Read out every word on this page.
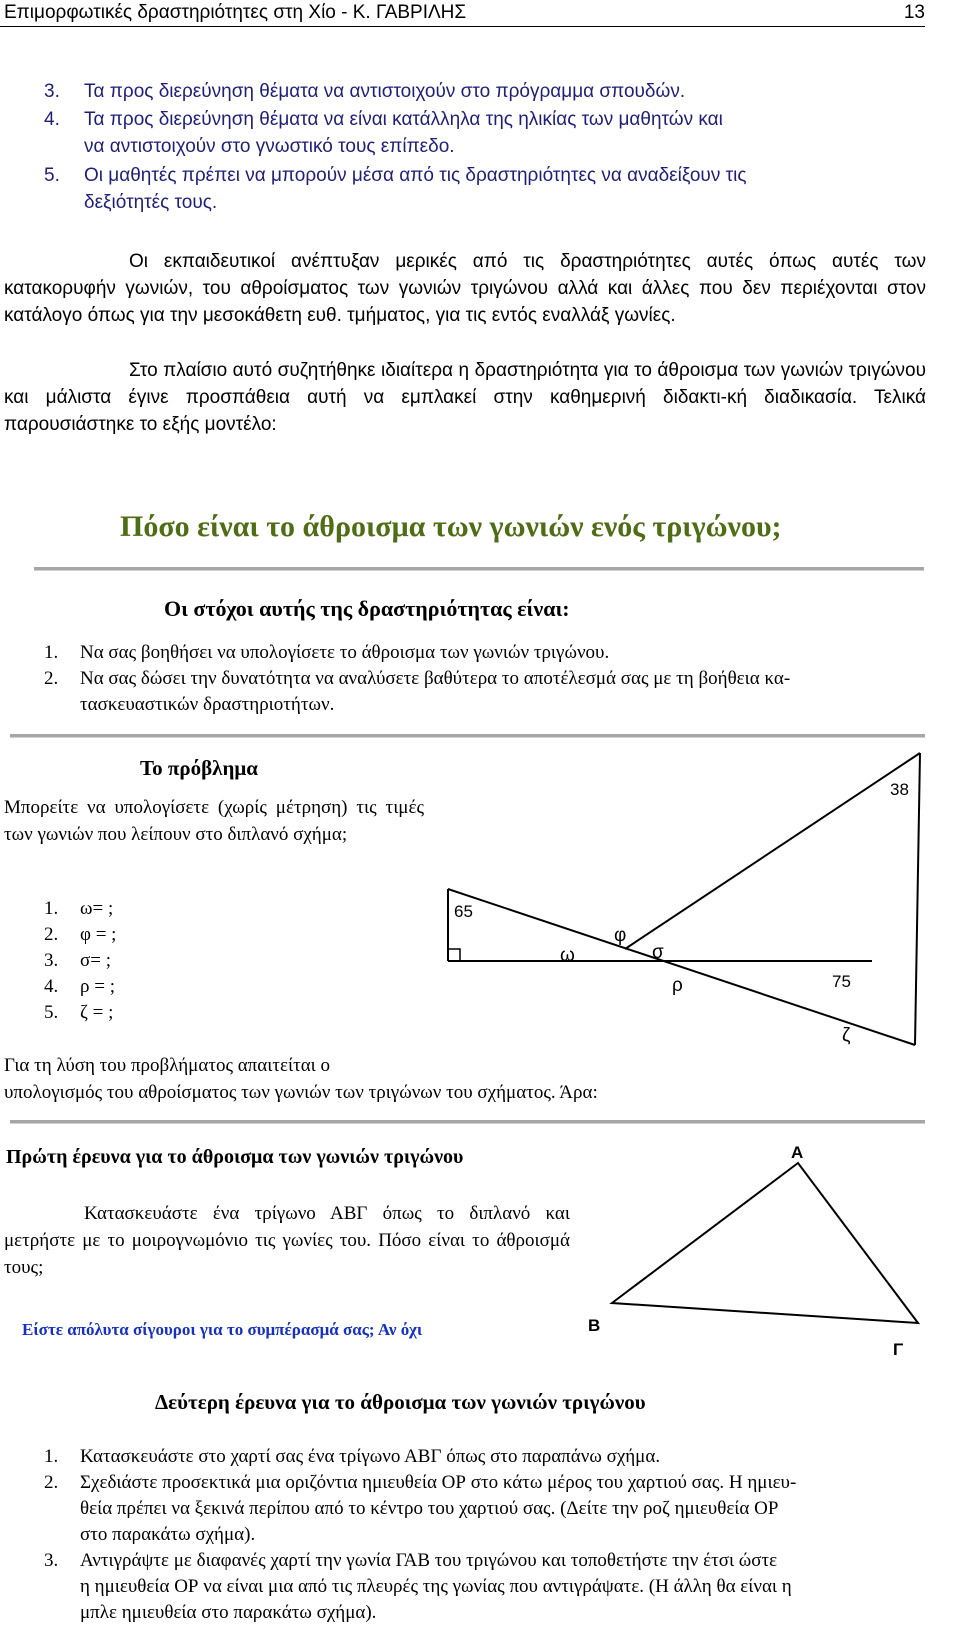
Επιμορφωτικές δραστηριότητες στη Χίο - Κ. ΓΑΒΡΙΛΗΣ	13
3. Τα προς διερεύνηση θέματα να αντιστοιχούν στο πρόγραμμα σπουδών.
4. Τα προς διερεύνηση θέματα να είναι κατάλληλα της ηλικίας των μαθητών και
να αντιστοιχούν στο γνωστικό τους επίπεδο.
5. Οι μαθητές πρέπει να μπορούν μέσα από τις δραστηριότητες να αναδείξουν τις
δεξιότητές τους.
Οι εκπαιδευτικοί ανέπτυξαν μερικές από τις δραστηριότητες αυτές όπως αυτές των κατακορυφήν γωνιών, του αθροίσματος των γωνιών τριγώνου αλλά και άλλες που δεν περιέχονται στον κατάλογο όπως για την μεσοκάθετη ευθ. τμήματος, για τις εντός εναλλάξ γωνίες.
Στο πλαίσιο αυτό συζητήθηκε ιδιαίτερα η δραστηριότητα για το άθροισμα των γωνιών τριγώνου και μάλιστα έγινε προσπάθεια αυτή να εμπλακεί στην καθημερινή διδακτι-κή διαδικασία. Τελικά παρουσιάστηκε το εξής μοντέλο:
Πόσο είναι το άθροισμα των γωνιών ενός τριγώνου;
Οι στόχοι αυτής της δραστηριότητας είναι:
1. Να σας βοηθήσει να υπολογίσετε το άθροισμα των γωνιών τριγώνου.
2. Να σας δώσει την δυνατότητα να αναλύσετε βαθύτερα το αποτέλεσμά σας με τη βοήθεια κα-
τασκευαστικών δραστηριοτήτων.
Το πρόβλημα
Μπορείτε να υπολογίσετε (χωρίς μέτρηση) τις τιμές των γωνιών που λείπουν στο διπλανό σχήμα;
1. ω= ;
2. φ = ;
3. σ= ;
4. ρ = ;
5. ζ = ;
65
38
75
ω
φ
σ
ρ
ζ
Για τη λύση του προβλήματος απαιτείται ο
υπολογισμός του αθροίσματος των γωνιών των τριγώνων του σχήματος. Άρα:
Πρώτη έρευνα για το άθροισμα των γωνιών τριγώνου
Κατασκευάστε ένα τρίγωνο ΑΒΓ όπως το διπλανό και μετρήστε με το μοιρογνωμόνιο τις γωνίες του. Πόσο είναι το άθροισμά τους;
Είστε απόλυτα σίγουροι για το συμπέρασμά σας; Αν όχι
Α
Β
Γ
Δεύτερη έρευνα για το άθροισμα των γωνιών τριγώνου
1. Κατασκευάστε στο χαρτί σας ένα τρίγωνο ΑΒΓ όπως στο παραπάνω σχήμα.
2. Σχεδιάστε προσεκτικά μια οριζόντια ημιευθεία ΟΡ στο κάτω μέρος του χαρτιού σας. Η ημιευ-
θεία πρέπει να ξεκινά περίπου από το κέντρο του χαρτιού σας. (Δείτε την ροζ ημιευθεία ΟΡ
στο παρακάτω σχήμα).
3. Αντιγράψτε με διαφανές χαρτί την γωνία ΓΑΒ του τριγώνου και τοποθετήστε την έτσι ώστε
η ημιευθεία ΟΡ να είναι μια από τις πλευρές της γωνίας που αντιγράψατε. (Η άλλη θα είναι η
μπλε ημιευθεία στο παρακάτω σχήμα).
